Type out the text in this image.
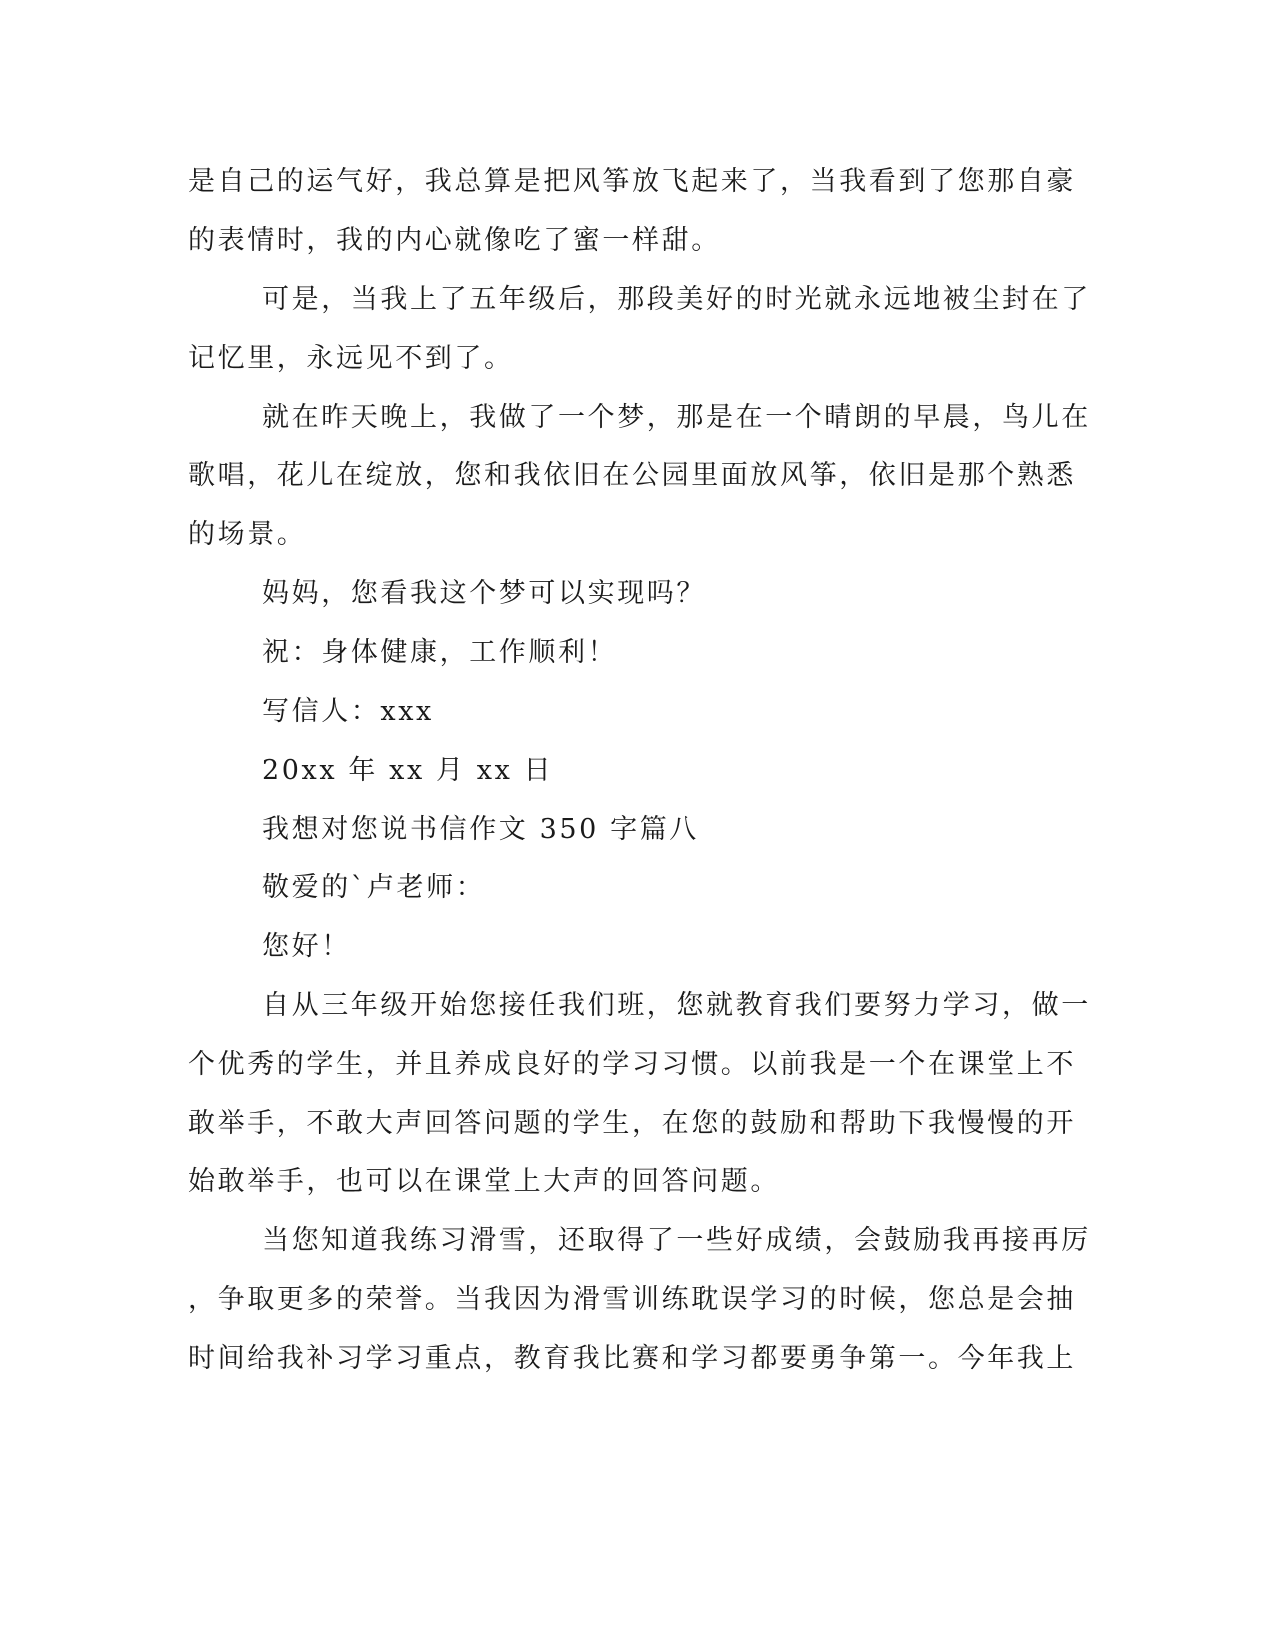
是自己的运气好，我总算是把风筝放飞起来了，当我看到了您那自豪
的表情时，我的内心就像吃了蜜一样甜。
可是，当我上了五年级后，那段美好的时光就永远地被尘封在了
记忆里，永远见不到了。
就在昨天晚上，我做了一个梦，那是在一个晴朗的早晨，鸟儿在
歌唱，花儿在绽放，您和我依旧在公园里面放风筝，依旧是那个熟悉
的场景。
妈妈，您看我这个梦可以实现吗？
祝：身体健康，工作顺利！
写信人：xxx
20xx 年 xx 月 xx 日
我想对您说书信作文 350 字篇八
敬爱的`卢老师：
您好！
自从三年级开始您接任我们班，您就教育我们要努力学习，做一
个优秀的学生，并且养成良好的学习习惯。以前我是一个在课堂上不
敢举手，不敢大声回答问题的学生，在您的鼓励和帮助下我慢慢的开
始敢举手，也可以在课堂上大声的回答问题。
当您知道我练习滑雪，还取得了一些好成绩，会鼓励我再接再厉
，争取更多的荣誉。当我因为滑雪训练耽误学习的时候，您总是会抽
时间给我补习学习重点，教育我比赛和学习都要勇争第一。今年我上
